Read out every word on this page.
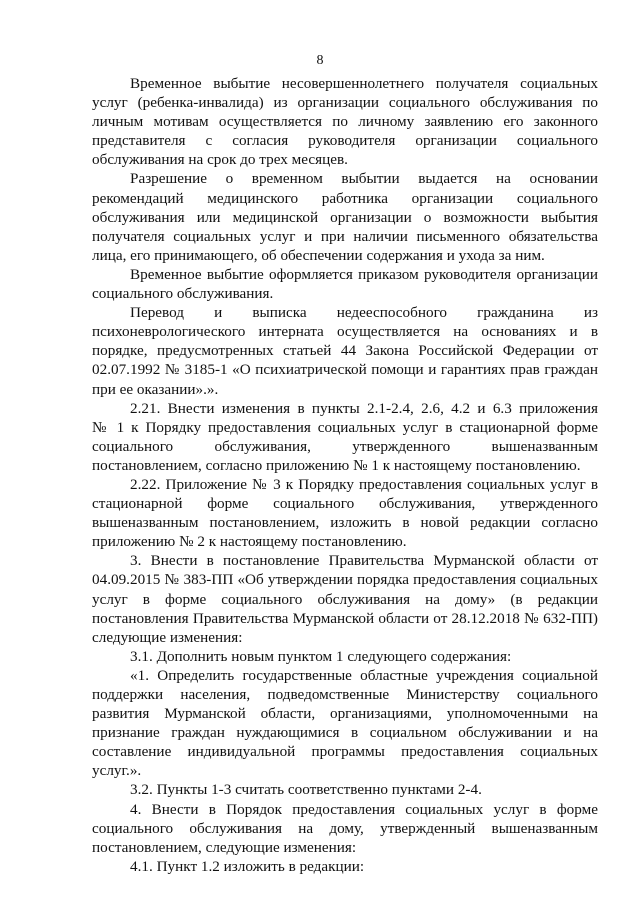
8
Временное выбытие несовершеннолетнего получателя социальных
услуг (ребенка-инвалида) из организации социального обслуживания по
личным мотивам осуществляется по личному заявлению его законного
представителя с согласия руководителя организации социального
обслуживания на срок до трех месяцев.
Разрешение о временном выбытии выдается на основании
рекомендаций медицинского работника организации социального
обслуживания или медицинской организации о возможности выбытия
получателя социальных услуг и при наличии письменного обязательства
лица, его принимающего, об обеспечении содержания и ухода за ним.
Временное выбытие оформляется приказом руководителя организации
социального обслуживания.
Перевод и выписка недееспособного гражданина из
психоневрологического интерната осуществляется на основаниях и в
порядке, предусмотренных статьей 44 Закона Российской Федерации от
02.07.1992 № 3185-1 «О психиатрической помощи и гарантиях прав граждан
при ее оказании».».
2.21. Внести изменения в пункты 2.1-2.4, 2.6, 4.2 и 6.3 приложения
№ 1 к Порядку предоставления социальных услуг в стационарной форме
социального обслуживания, утвержденного вышеназванным
постановлением, согласно приложению № 1 к настоящему постановлению.
2.22. Приложение № 3 к Порядку предоставления социальных услуг в
стационарной форме социального обслуживания, утвержденного
вышеназванным постановлением, изложить в новой редакции согласно
приложению № 2 к настоящему постановлению.
3. Внести в постановление Правительства Мурманской области от
04.09.2015 № 383-ПП «Об утверждении порядка предоставления социальных
услуг в форме социального обслуживания на дому» (в редакции
постановления Правительства Мурманской области от 28.12.2018 № 632-ПП)
следующие изменения:
3.1. Дополнить новым пунктом 1 следующего содержания:
«1. Определить государственные областные учреждения социальной
поддержки населения, подведомственные Министерству социального
развития Мурманской области, организациями, уполномоченными на
признание граждан нуждающимися в социальном обслуживании и на
составление индивидуальной программы предоставления социальных
услуг.».
3.2. Пункты 1-3 считать соответственно пунктами 2-4.
4. Внести в Порядок предоставления социальных услуг в форме
социального обслуживания на дому, утвержденный вышеназванным
постановлением, следующие изменения:
4.1. Пункт 1.2 изложить в редакции:
